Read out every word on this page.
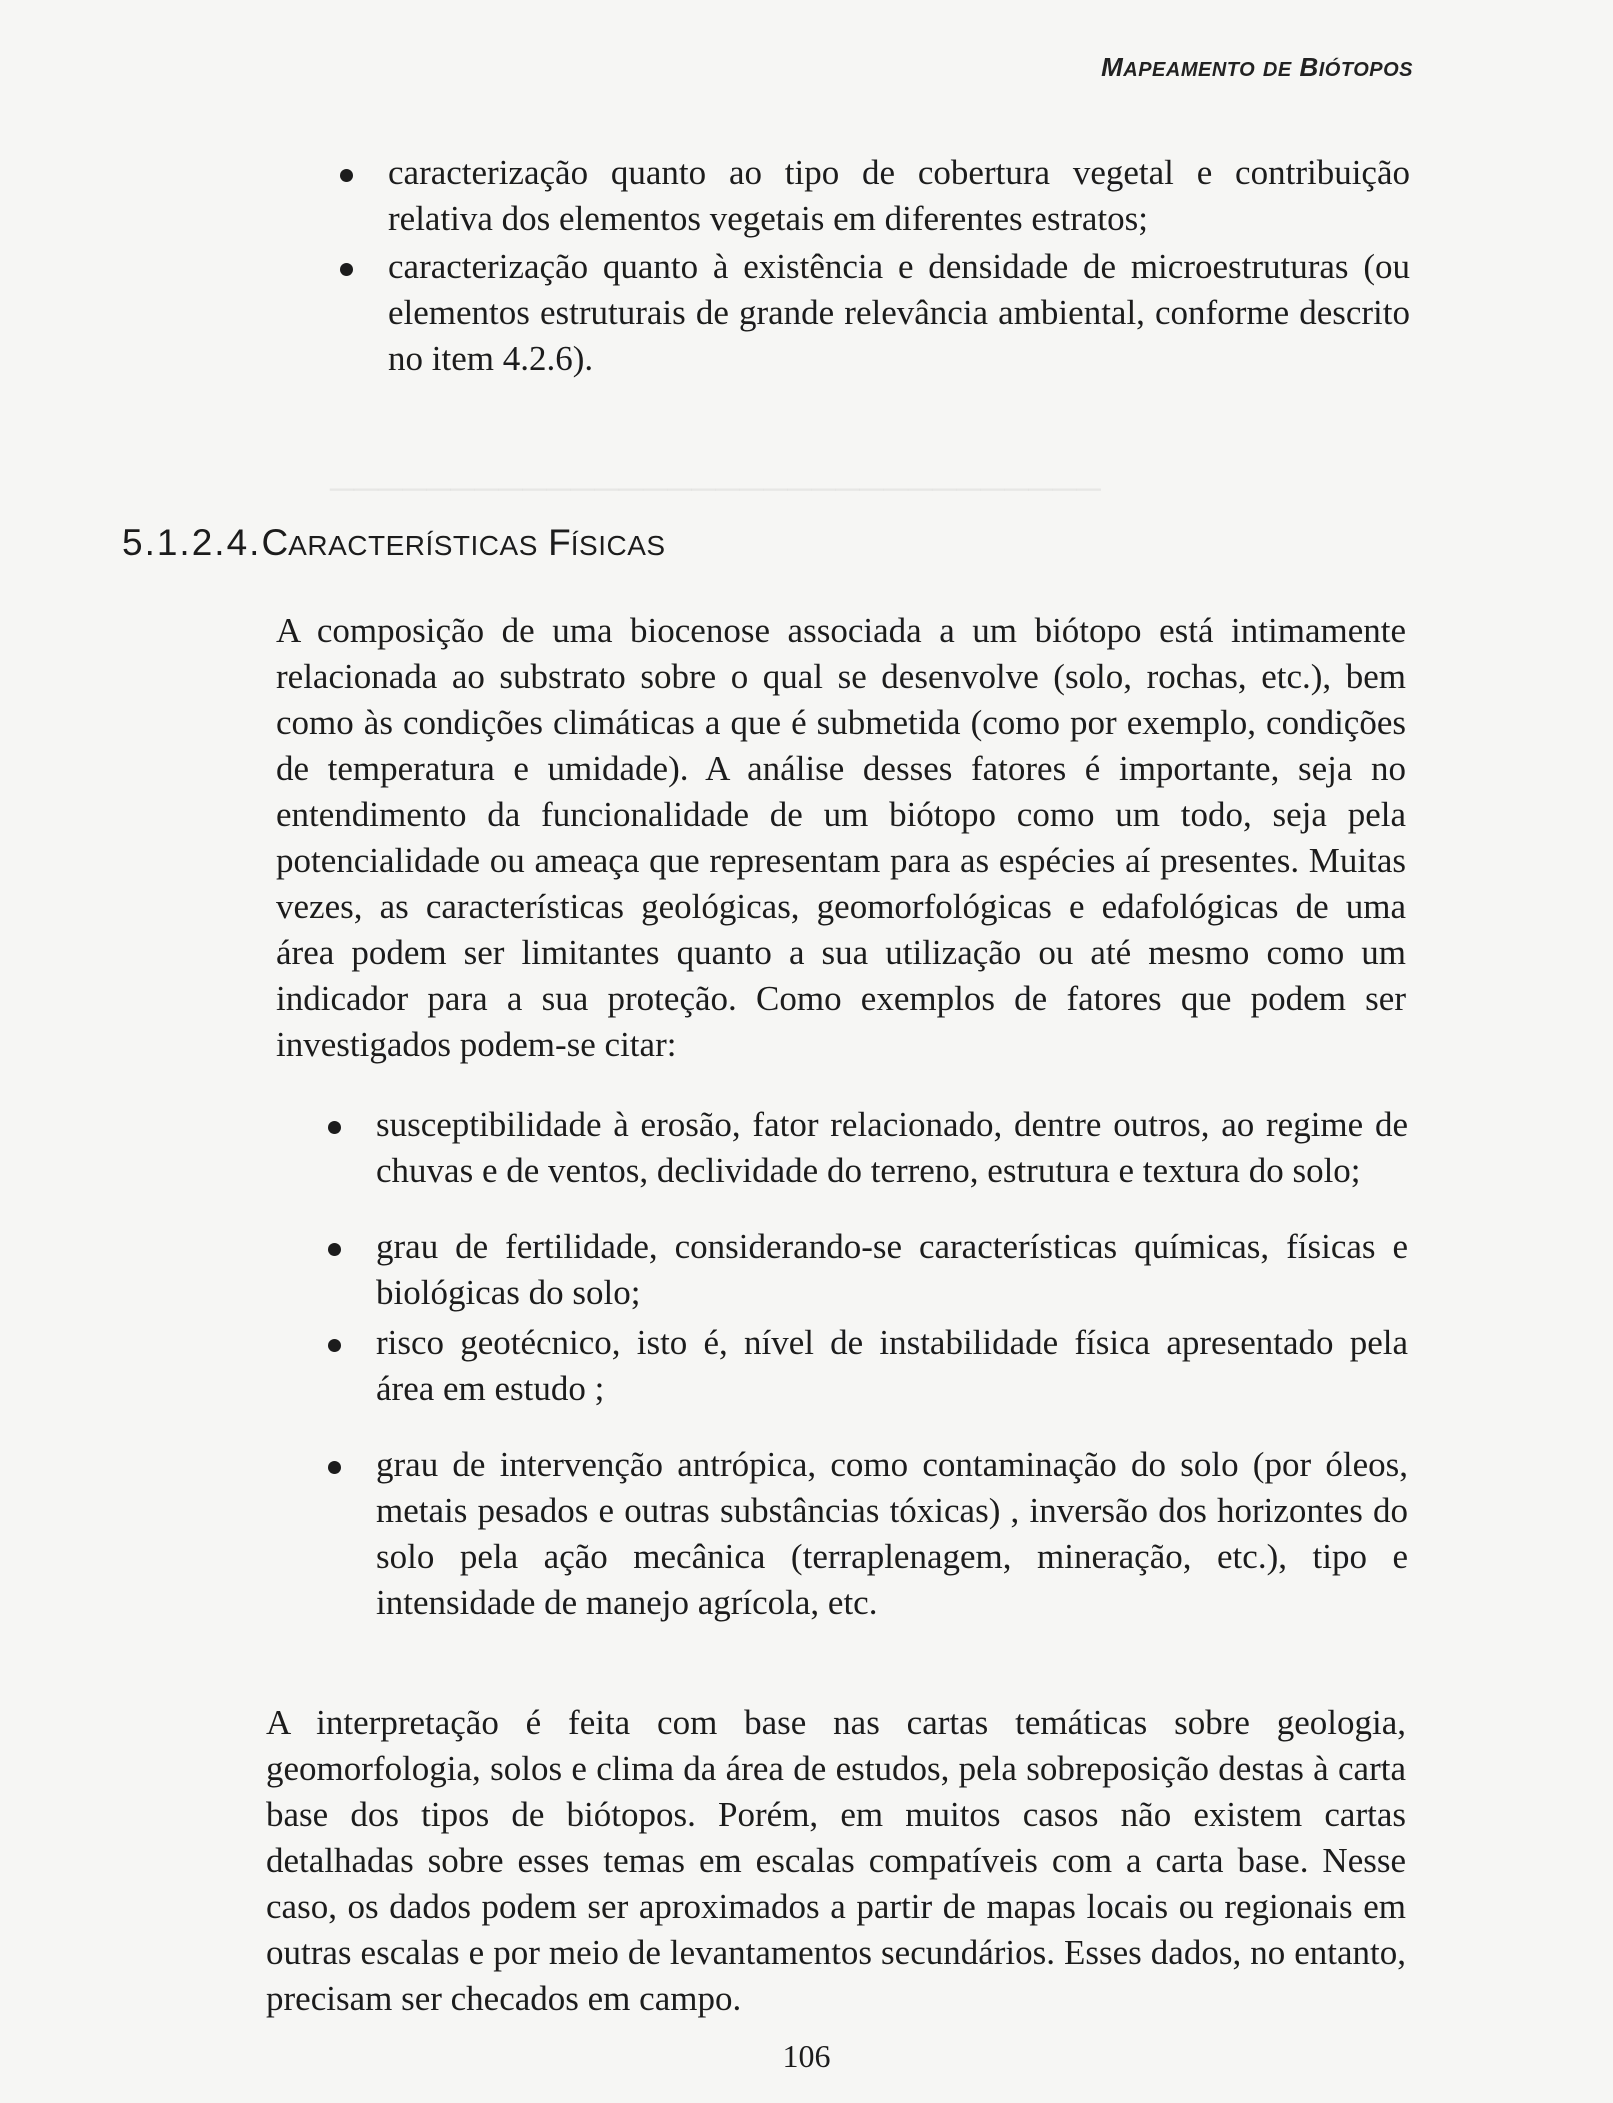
────────────────────────────────
MAPEAMENTO DE BIÓTOPOS
caracterização quanto ao tipo de cobertura vegetal e contribuição relativa dos elementos vegetais em diferentes estratos;
caracterização quanto à existência e densidade de microestruturas (ou elementos estruturais de grande relevância ambiental, conforme descrito no item 4.2.6).
5.1.2.4.CARACTERÍSTICAS FÍSICAS

A composição de uma biocenose associada a um biótopo está intimamente relacionada ao substrato sobre o qual se desenvolve (solo, rochas, etc.), bem como às condições climáticas a que é submetida (como por exemplo, condições de temperatura e umidade). A análise desses fatores é importante, seja no entendimento da funcionalidade de um biótopo como um todo, seja pela potencialidade ou ameaça que representam para as espécies aí presentes. Muitas vezes, as características geológicas, geomorfológicas e edafológicas de uma área podem ser limitantes quanto a sua utilização ou até mesmo como um indicador para a sua proteção. Como exemplos de fatores que podem ser investigados podem-se citar:

susceptibilidade à erosão, fator relacionado, dentre outros, ao regime de chuvas e de ventos, declividade do terreno, estrutura e textura do solo;
grau de fertilidade, considerando-se características químicas, físicas e biológicas do solo;
risco geotécnico, isto é, nível de instabilidade física apresentado pela área em estudo ;
grau de intervenção antrópica, como contaminação do solo (por óleos, metais pesados e outras substâncias tóxicas) , inversão dos horizontes do solo pela ação mecânica (terraplenagem, mineração, etc.), tipo e intensidade de manejo agrícola, etc.

A interpretação é feita com base nas cartas temáticas sobre geologia, geomorfologia, solos e clima da área de estudos, pela sobreposição destas à carta base dos tipos de biótopos. Porém, em muitos casos não existem cartas detalhadas sobre esses temas em escalas compatíveis com a carta base. Nesse caso, os dados podem ser aproximados a partir de mapas locais ou regionais em outras escalas e por meio de levantamentos secundários. Esses dados, no entanto, precisam ser checados em campo.

106
